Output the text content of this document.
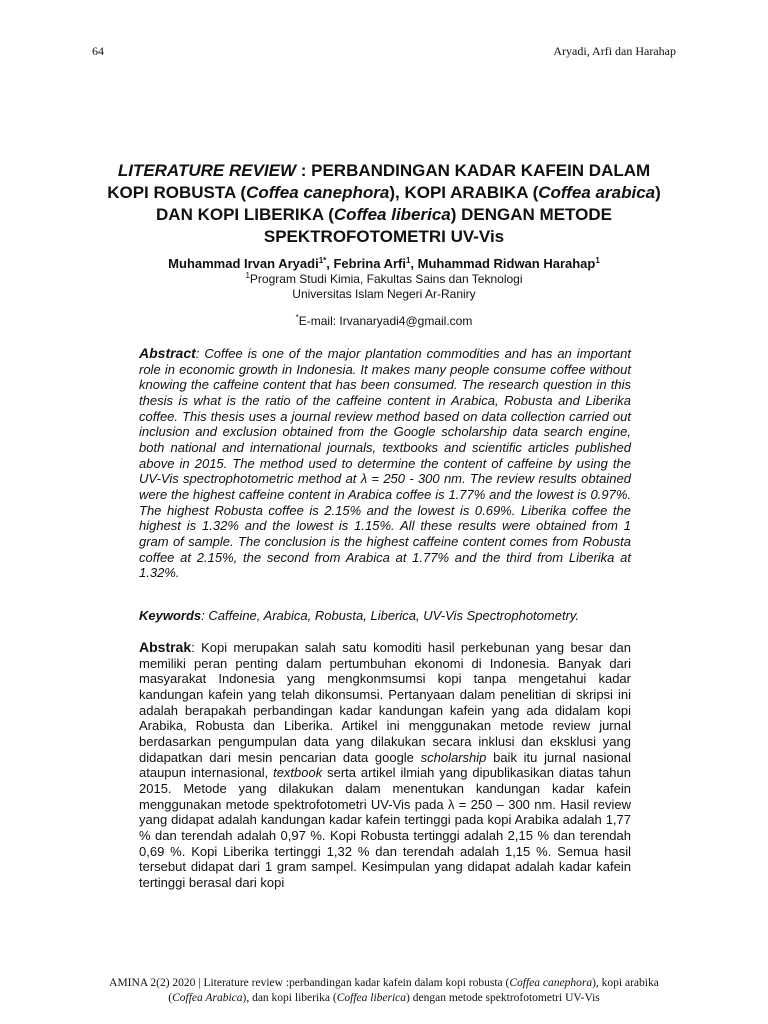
64	Aryadi, Arfi dan Harahap
LITERATURE REVIEW : PERBANDINGAN KADAR KAFEIN DALAM KOPI ROBUSTA (Coffea canephora), KOPI ARABIKA (Coffea arabica) DAN KOPI LIBERIKA (Coffea liberica) DENGAN METODE SPEKTROFOTOMETRI UV-Vis
Muhammad Irvan Aryadi$^{1*}$, Febrina Arfi$^1$, Muhammad Ridwan Harahap$^1$
$^1$Program Studi Kimia, Fakultas Sains dan Teknologi
Universitas Islam Negeri Ar-Raniry
*E-mail: Irvanaryadi4@gmail.com
Abstract: Coffee is one of the major plantation commodities and has an important role in economic growth in Indonesia. It makes many people consume coffee without knowing the caffeine content that has been consumed. The research question in this thesis is what is the ratio of the caffeine content in Arabica, Robusta and Liberika coffee. This thesis uses a journal review method based on data collection carried out inclusion and exclusion obtained from the Google scholarship data search engine, both national and international journals, textbooks and scientific articles published above in 2015. The method used to determine the content of caffeine by using the UV-Vis spectrophotometric method at λ = 250 - 300 nm. The review results obtained were the highest caffeine content in Arabica coffee is 1.77% and the lowest is 0.97%. The highest Robusta coffee is 2.15% and the lowest is 0.69%. Liberika coffee the highest is 1.32% and the lowest is 1.15%. All these results were obtained from 1 gram of sample. The conclusion is the highest caffeine content comes from Robusta coffee at 2.15%, the second from Arabica at 1.77% and the third from Liberika at 1.32%.
Keywords: Caffeine, Arabica, Robusta, Liberica, UV-Vis Spectrophotometry.
Abstrak: Kopi merupakan salah satu komoditi hasil perkebunan yang besar dan memiliki peran penting dalam pertumbuhan ekonomi di Indonesia. Banyak dari masyarakat Indonesia yang mengkonmsumsi kopi tanpa mengetahui kadar kandungan kafein yang telah dikonsumsi. Pertanyaan dalam penelitian di skripsi ini adalah berapakah perbandingan kadar kandungan kafein yang ada didalam kopi Arabika, Robusta dan Liberika. Artikel ini menggunakan metode review jurnal berdasarkan pengumpulan data yang dilakukan secara inklusi dan eksklusi yang didapatkan dari mesin pencarian data google scholarship baik itu jurnal nasional ataupun internasional, textbook serta artikel ilmiah yang dipublikasikan diatas tahun 2015. Metode yang dilakukan dalam menentukan kandungan kadar kafein menggunakan metode spektrofotometri UV-Vis pada λ = 250 – 300 nm. Hasil review yang didapat adalah kandungan kadar kafein tertinggi pada kopi Arabika adalah 1,77 % dan terendah adalah 0,97 %. Kopi Robusta tertinggi adalah 2,15 % dan terendah 0,69 %. Kopi Liberika tertinggi 1,32 % dan terendah adalah 1,15 %. Semua hasil tersebut didapat dari 1 gram sampel. Kesimpulan yang didapat adalah kadar kafein tertinggi berasal dari kopi
AMINA 2(2) 2020 | Literature review :perbandingan kadar kafein dalam kopi robusta (Coffea canephora), kopi arabika (Coffea Arabica), dan kopi liberika (Coffea liberica) dengan metode spektrofotometri UV-Vis
